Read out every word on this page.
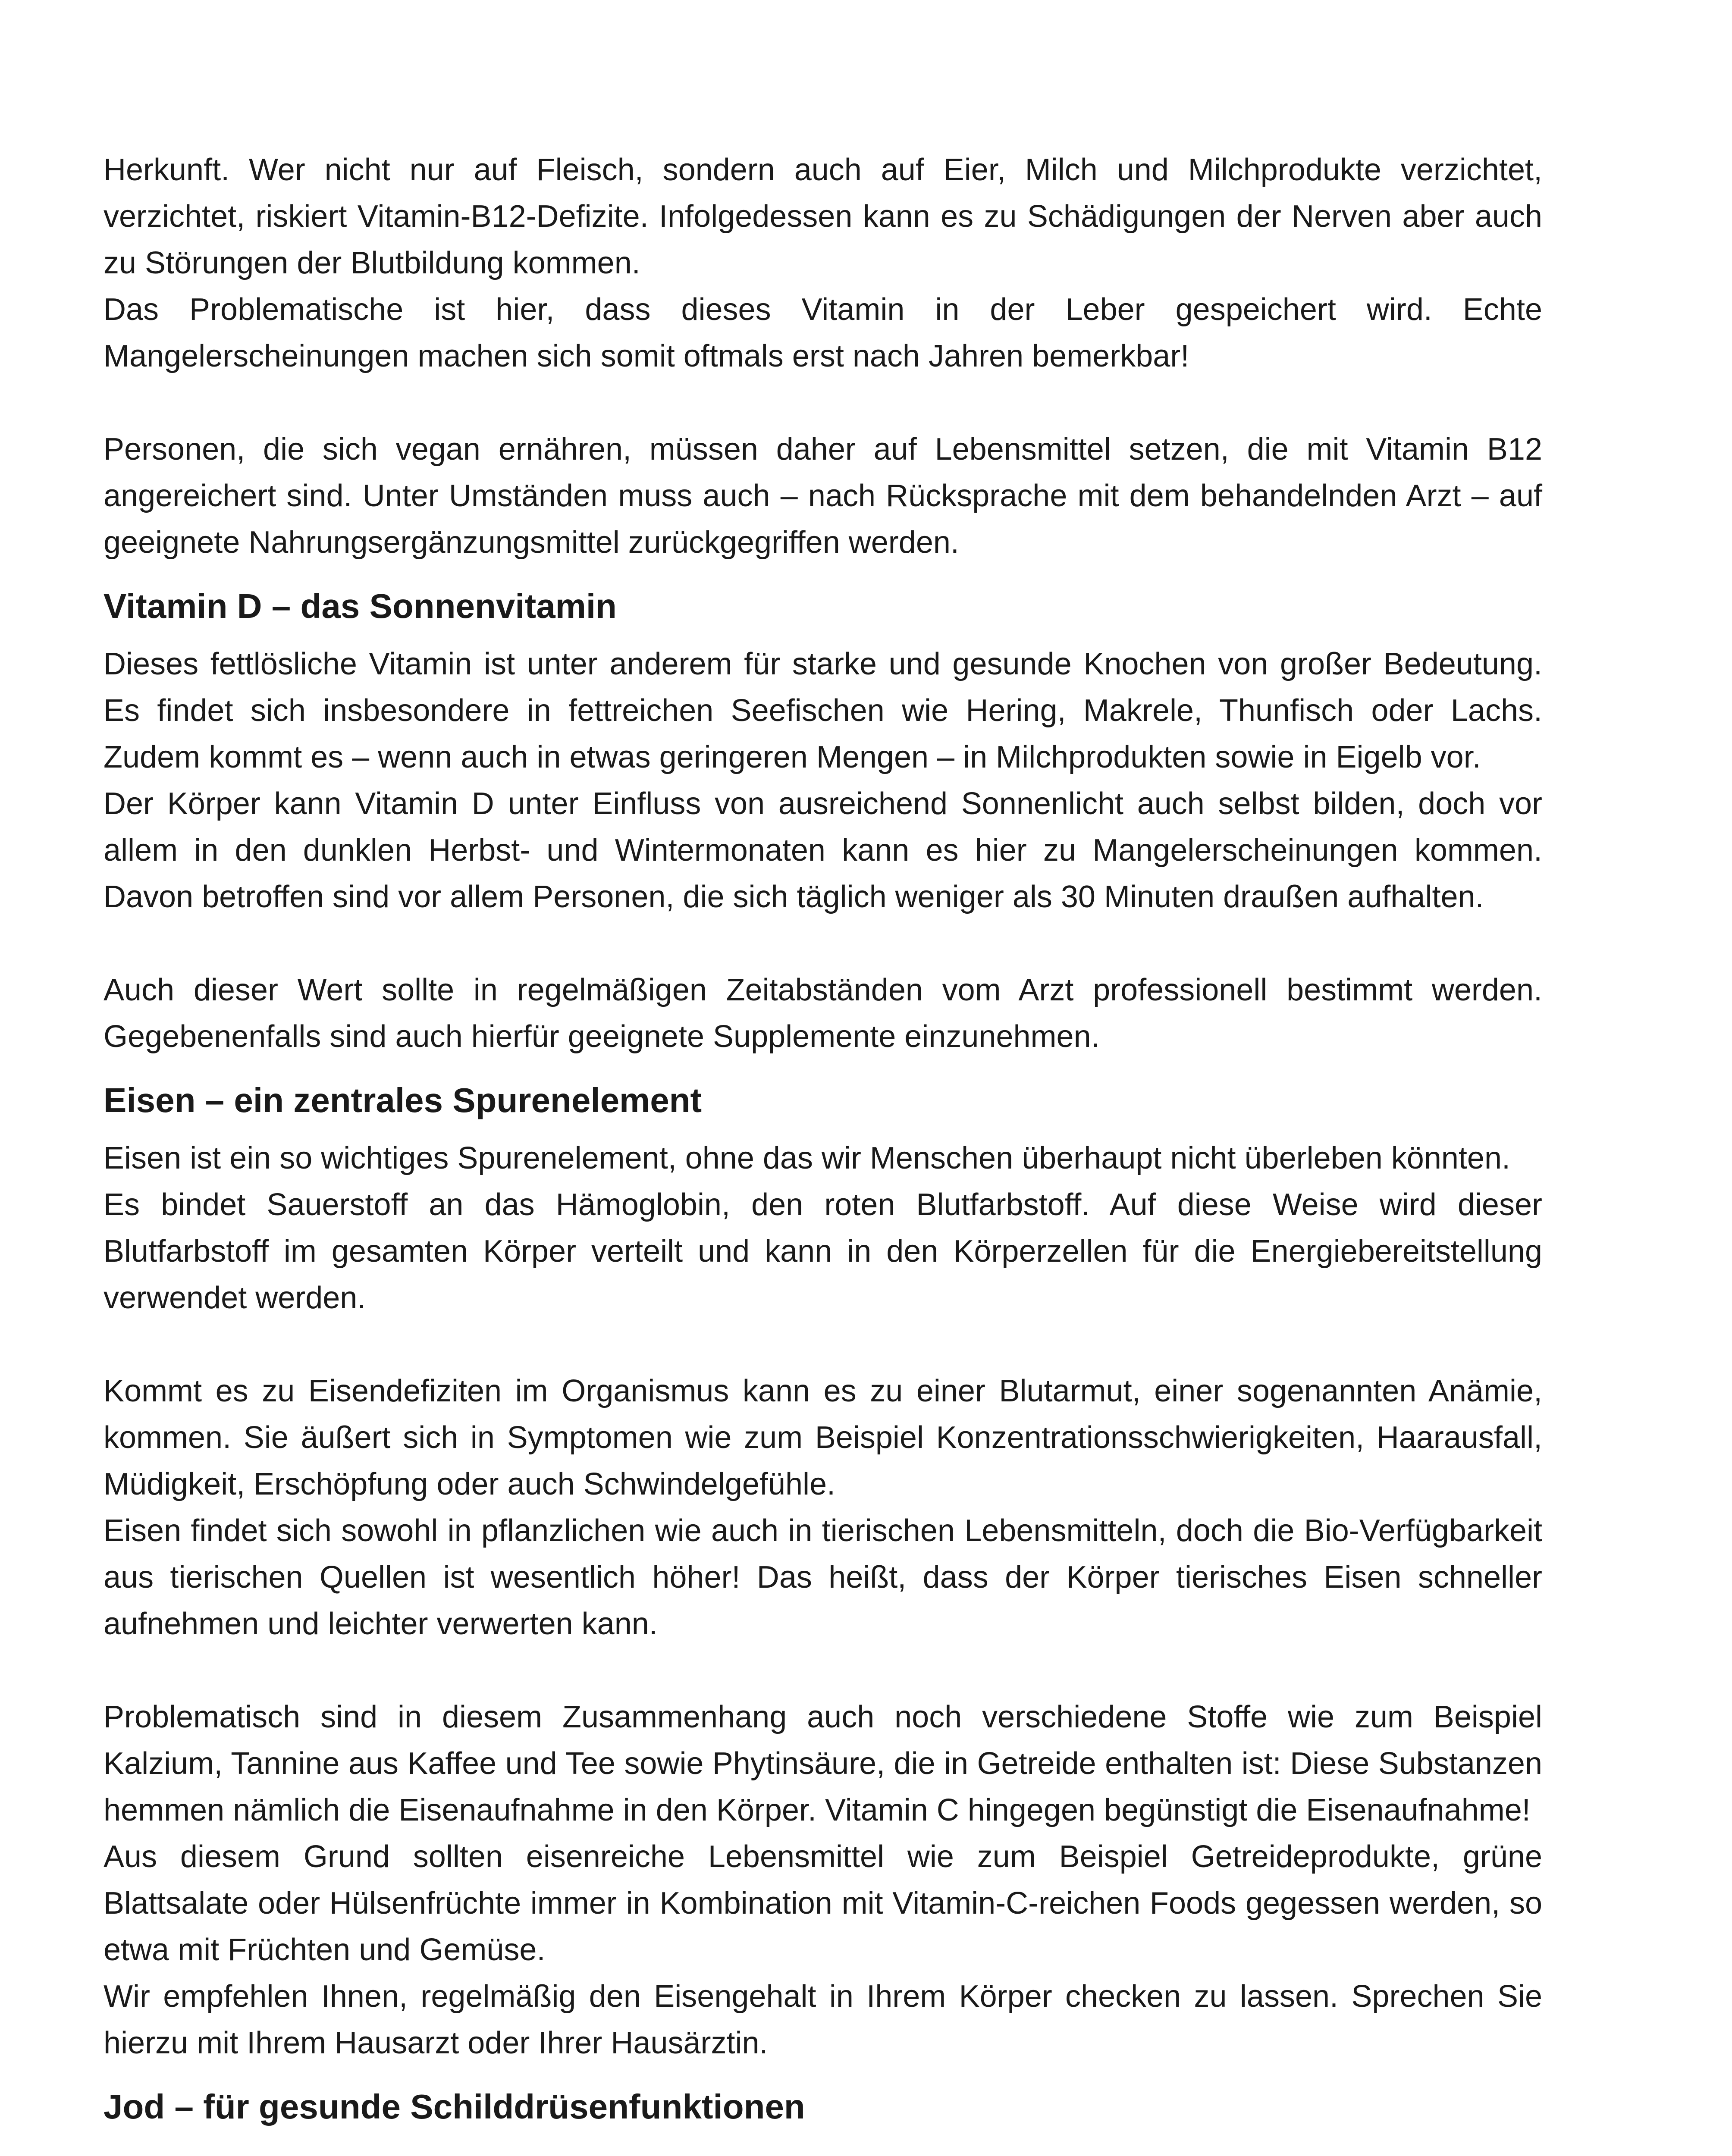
Herkunft. Wer nicht nur auf Fleisch, sondern auch auf Eier, Milch und Milchprodukte verzichtet, verzichtet, riskiert Vitamin-B12-Defizite. Infolgedessen kann es zu Schädigungen der Nerven aber auch zu Störungen der Blutbildung kommen.

Das Problematische ist hier, dass dieses Vitamin in der Leber gespeichert wird. Echte Mangelerscheinungen machen sich somit oftmals erst nach Jahren bemerkbar!

Personen, die sich vegan ernähren, müssen daher auf Lebensmittel setzen, die mit Vitamin B12 angereichert sind. Unter Umständen muss auch – nach Rücksprache mit dem behandelnden Arzt – auf geeignete Nahrungsergänzungsmittel zurückgegriffen werden.

Vitamin D – das Sonnenvitamin

Dieses fettlösliche Vitamin ist unter anderem für starke und gesunde Knochen von großer Bedeutung. Es findet sich insbesondere in fettreichen Seefischen wie Hering, Makrele, Thunfisch oder Lachs. Zudem kommt es – wenn auch in etwas geringeren Mengen – in Milchprodukten sowie in Eigelb vor.

Der Körper kann Vitamin D unter Einfluss von ausreichend Sonnenlicht auch selbst bilden, doch vor allem in den dunklen Herbst- und Wintermonaten kann es hier zu Mangelerscheinungen kommen. Davon betroffen sind vor allem Personen, die sich täglich weniger als 30 Minuten draußen aufhalten.

Auch dieser Wert sollte in regelmäßigen Zeitabständen vom Arzt professionell bestimmt werden. Gegebenenfalls sind auch hierfür geeignete Supplemente einzunehmen.

Eisen – ein zentrales Spurenelement

Eisen ist ein so wichtiges Spurenelement, ohne das wir Menschen überhaupt nicht überleben könnten.

Es bindet Sauerstoff an das Hämoglobin, den roten Blutfarbstoff. Auf diese Weise wird dieser Blutfarbstoff im gesamten Körper verteilt und kann in den Körperzellen für die Energiebereitstellung verwendet werden.

Kommt es zu Eisendefiziten im Organismus kann es zu einer Blutarmut, einer sogenannten Anämie, kommen. Sie äußert sich in Symptomen wie zum Beispiel Konzentrationsschwierigkeiten, Haarausfall, Müdigkeit, Erschöpfung oder auch Schwindelgefühle.

Eisen findet sich sowohl in pflanzlichen wie auch in tierischen Lebensmitteln, doch die Bio-Verfügbarkeit aus tierischen Quellen ist wesentlich höher! Das heißt, dass der Körper tierisches Eisen schneller aufnehmen und leichter verwerten kann.

Problematisch sind in diesem Zusammenhang auch noch verschiedene Stoffe wie zum Beispiel Kalzium, Tannine aus Kaffee und Tee sowie Phytinsäure, die in Getreide enthalten ist: Diese Substanzen hemmen nämlich die Eisenaufnahme in den Körper. Vitamin C hingegen begünstigt die Eisenaufnahme!

Aus diesem Grund sollten eisenreiche Lebensmittel wie zum Beispiel Getreideprodukte, grüne Blattsalate oder Hülsenfrüchte immer in Kombination mit Vitamin-C-reichen Foods gegessen werden, so etwa mit Früchten und Gemüse.

Wir empfehlen Ihnen, regelmäßig den Eisengehalt in Ihrem Körper checken zu lassen. Sprechen Sie hierzu mit Ihrem Hausarzt oder Ihrer Hausärztin.

Jod – für gesunde Schilddrüsenfunktionen
